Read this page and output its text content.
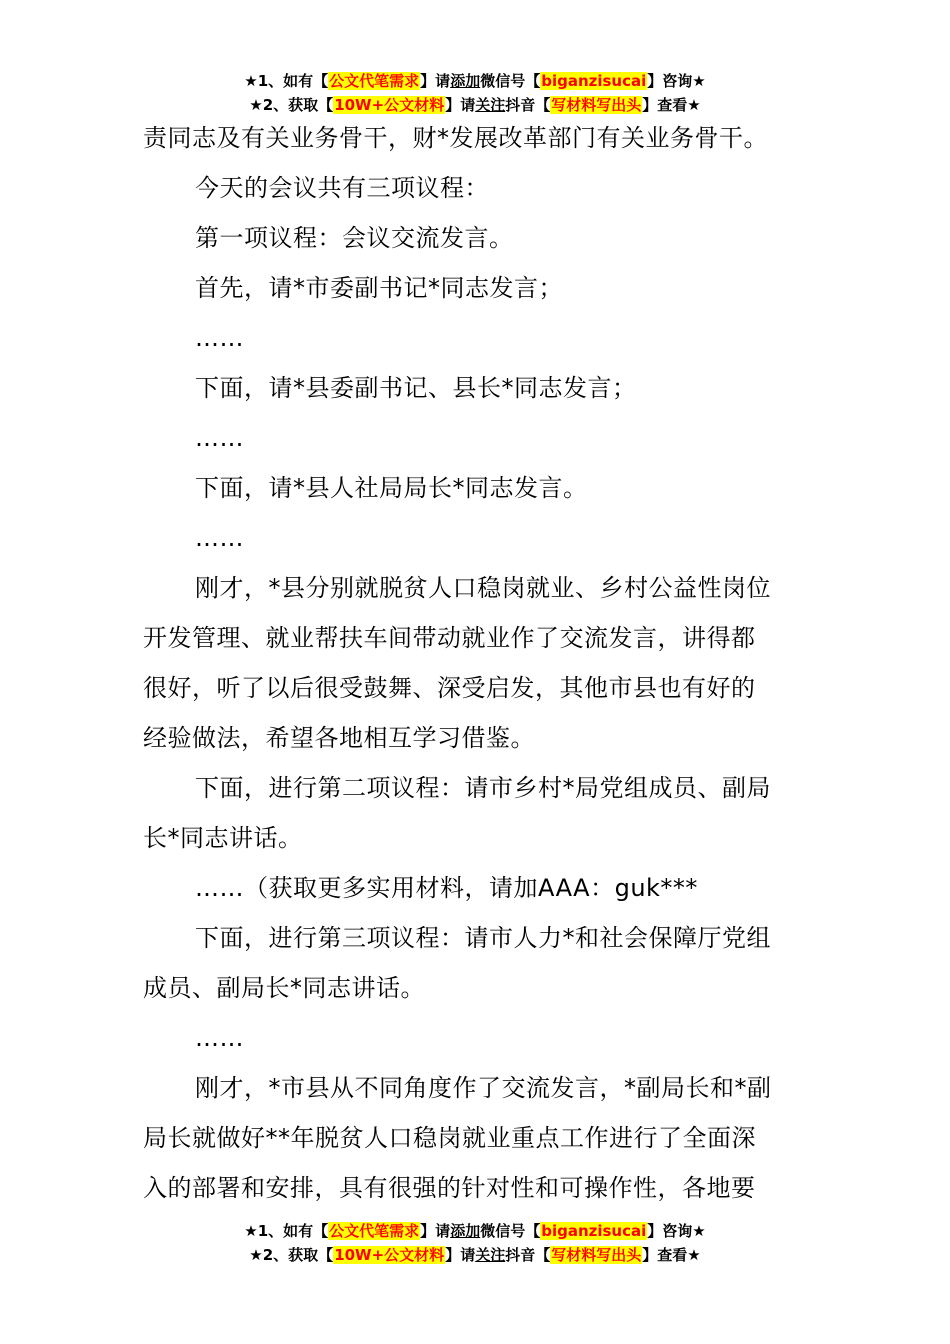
★1、如有【公文代笔需求】请添加微信号【biganzisucai】咨询★
★2、获取【10W+公文材料】请关注抖音【写材料写出头】查看★

责同志及有关业务骨干，财*发展改革部门有关业务骨干。

今天的会议共有三项议程：

第一项议程：会议交流发言。

首先，请*市委副书记*同志发言；

……

下面，请*县委副书记、县长*同志发言；

……

下面，请*县人社局局长*同志发言。

……

刚才，*县分别就脱贫人口稳岗就业、乡村公益性岗位

开发管理、就业帮扶车间带动就业作了交流发言，讲得都

很好，听了以后很受鼓舞、深受启发，其他市县也有好的

经验做法，希望各地相互学习借鉴。

下面，进行第二项议程：请市乡村*局党组成员、副局

长*同志讲话。

……（获取更多实用材料，请加AAA：guk***

下面，进行第三项议程：请市人力*和社会保障厅党组

成员、副局长*同志讲话。

……

刚才，*市县从不同角度作了交流发言，*副局长和*副

局长就做好**年脱贫人口稳岗就业重点工作进行了全面深

入的部署和安排，具有很强的针对性和可操作性，各地要

★1、如有【公文代笔需求】请添加微信号【biganzisucai】咨询★
★2、获取【10W+公文材料】请关注抖音【写材料写出头】查看★
